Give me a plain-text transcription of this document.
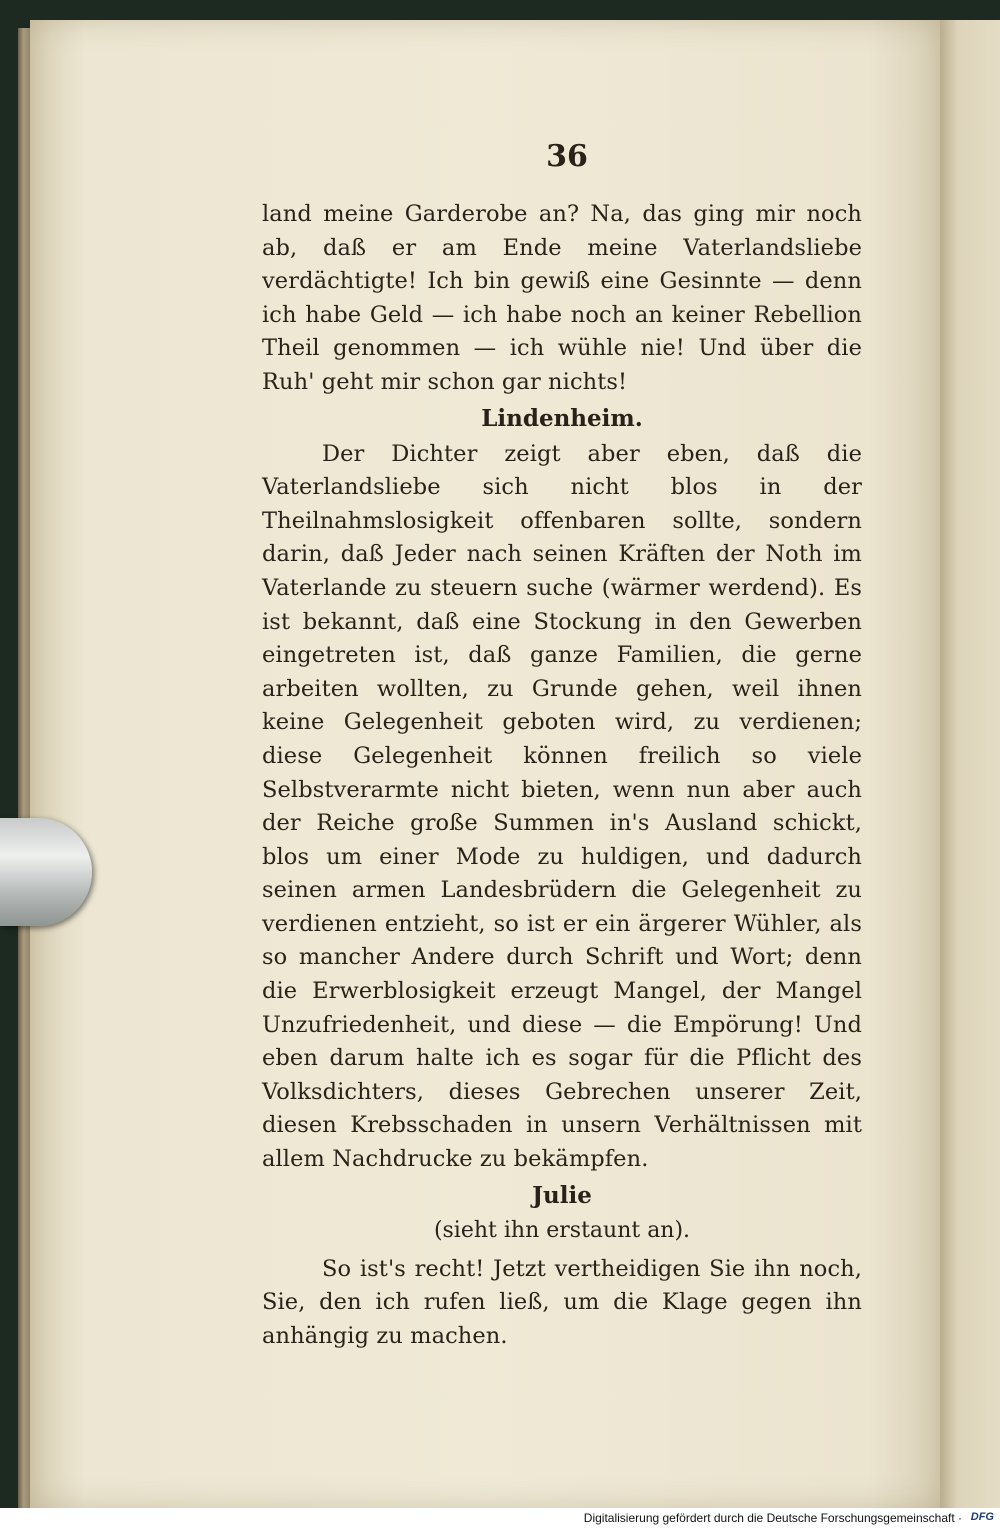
36

land meine Garderobe an? Na, das ging mir noch ab, daß er am Ende meine Vaterlandsliebe verdächtigte! Ich bin gewiß eine Gesinnte — denn ich habe Geld — ich habe noch an keiner Rebellion Theil genommen — ich wühle nie! Und über die Ruh' geht mir schon gar nichts!

Lindenheim.

Der Dichter zeigt aber eben, daß die Vaterlandsliebe sich nicht blos in der Theilnahmslosigkeit offenbaren sollte, sondern darin, daß Jeder nach seinen Kräften der Noth im Vaterlande zu steuern suche (wärmer werdend). Es ist bekannt, daß eine Stockung in den Gewerben eingetreten ist, daß ganze Familien, die gerne arbeiten wollten, zu Grunde gehen, weil ihnen keine Gelegenheit geboten wird, zu verdienen; diese Gelegenheit können freilich so viele Selbstverarmte nicht bieten, wenn nun aber auch der Reiche große Summen in's Ausland schickt, blos um einer Mode zu huldigen, und dadurch seinen armen Landesbrüdern die Gelegenheit zu verdienen entzieht, so ist er ein ärgerer Wühler, als so mancher Andere durch Schrift und Wort; denn die Erwerblosigkeit erzeugt Mangel, der Mangel Unzufriedenheit, und diese — die Empörung! Und eben darum halte ich es sogar für die Pflicht des Volksdichters, dieses Gebrechen unserer Zeit, diesen Krebsschaden in unsern Verhältnissen mit allem Nachdrucke zu bekämpfen.

Julie

(sieht ihn erstaunt an).

So ist's recht! Jetzt vertheidigen Sie ihn noch, Sie, den ich rufen ließ, um die Klage gegen ihn anhängig zu machen.

Digitalisierung gefördert durch die Deutsche Forschungsgemeinschaft · DFG
